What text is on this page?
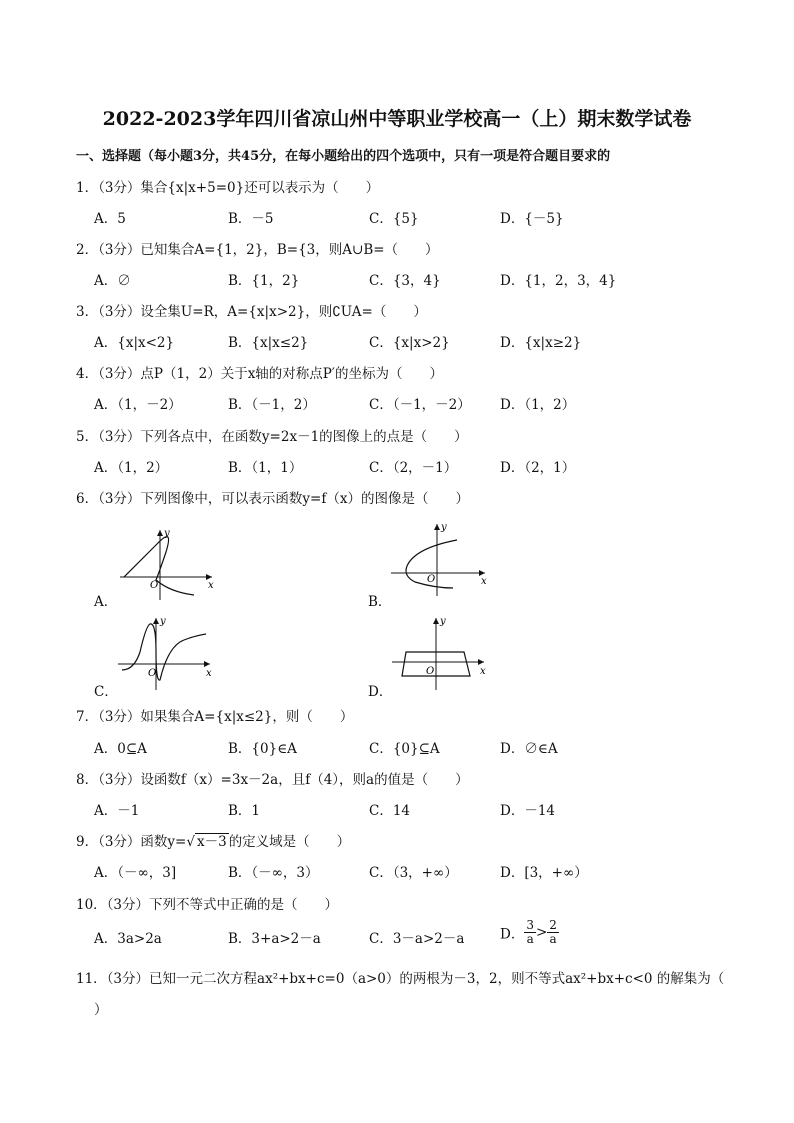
2022-2023学年四川省凉山州中等职业学校高一（上）期末数学试卷
一、选择题（每小题3分，共45分，在每小题给出的四个选项中，只有一项是符合题目要求的
1．（3分）集合{x|x+5=0}还可以表示为（　　）
A．5	B．－5	C．{5}	D．{－5}
2．（3分）已知集合A={1，2}，B={3，则A∪B=（　　）
A．∅	B．{1，2}	C．{3，4}	D．{1，2，3，4}
3．（3分）设全集U=R，A={x|x>2}，则∁UA=（　　）
A．{x|x<2}	B．{x|x≤2}	C．{x|x>2}	D．{x|x≥2}
4．（3分）点P（1，2）关于x轴的对称点P′的坐标为（　　）
A．（1，－2）	B．（－1，2）	C．（－1，－2） D．（1，2）
5．（3分）下列各点中，在函数y=2x－1的图像上的点是（　　）
A．（1，2）	B．（1，1）	C．（2，－1）	D．（2，1）
6．（3分）下列图像中，可以表示函数y=f（x）的图像是（　　）
y
x
O
A．
y
x
O
B．
y
x
O
C．
y
x
O
D．
7．（3分）如果集合A={x|x≤2}，则（　　）
A．0⊆A	B．{0}∈A	C．{0}⊆A	D．∅∈A
8．（3分）设函数f（x）=3x－2a，且f（4），则a的值是（　　）
A．－1	B．1	C．14	D．－14
9．（3分）函数y=√ x－3 的定义域是（　　）
A．（－∞，3]	B．（－∞，3）	C．（3，+∞）	D．[3，+∞）
10．（3分）下列不等式中正确的是（　　）
A．3a>2a	B．3+a>2－a	C．3－a>2－a	D． $\frac{3}{a} > \frac{2}{a}$
11．（3分）已知一元二次方程ax²+bx+c=0（a>0）的两根为－3，2，则不等式ax²+bx+c<0 的解集为（
）
